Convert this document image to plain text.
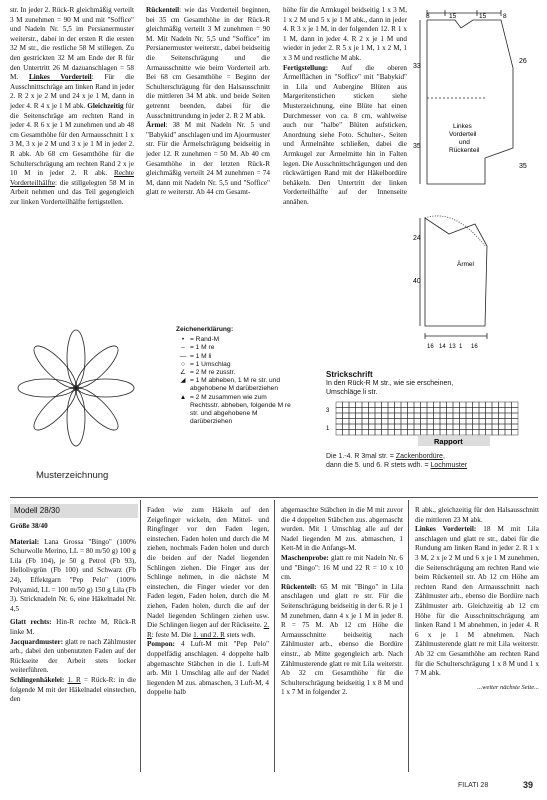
str. In jeder 2. Rück-R gleichmäßig verteilt 3 M zunehmen = 90 M und mit "Soffice" und Nadeln Nr. 5,5 im Persianermuster weiterstr., dabei in der ersten R die ersten 32 M str., die restliche 58 M stillegen. Zu den gestrickten 32 M am Ende der R für den Untertritt 26 M dazuanschlagen = 58 M. Linkes Vorderteil: Für die Ausschnittschräge am linken Rand in jeder 2. R 2 x je 2 M und 24 x je 1 M, dann in jeder 4. R 4 x je 1 M abk. Gleichzeitig für die Seitenschräge am rechten Rand in jeder 4. R 6 x je 1 M zunehmen und ab 48 cm Gesamthöhe für den Armausschnitt 1 x 3 M, 3 x je 2 M und 3 x je 1 M in jeder 2. R abk. Ab 68 cm Gesamthöhe für die Schulterschrägung am rechten Rand 2 x je 10 M in jeder 2. R abk. Rechte Vorderteilhälfte: die stillgelegten 58 M in Arbeit nehmen und das Teil gegengleich zur linken Vorderteilhälfte fertigstellen.

Rückenteil: wie das Vorderteil beginnen, bei 35 cm Gesamthöhe in der Rück-R gleichmäßig verteilt 3 M zunehmen = 90 M. Mit Nadeln Nr. 5,5 und "Soffice" im Persianermuster weiterstr., dabei beidseitig die Seitenschrägung und die Armausschnitte wie beim Vorderteil arb. Bei 68 cm Gesamthöhe = Beginn der Schulterschrägung für den Halsausschnitt die mittleren 34 M abk. und beide Seiten getrennt beenden, dabei für die Ausschnittrundung in jeder 2. R 2 M abk.

Ärmel: 38 M mit Nadeln Nr. 5 und "Babykid" anschlagen und im Ajourmuster str. Für die Ärmelschrägung beidseitig in jeder 12. R zunehmen = 50 M. Ab 40 cm Gesamthöhe in der letzten Rück-R gleichmäßig verteilt 24 M zunehmen = 74 M, dann mit Nadeln Nr. 5,5 und "Soffice" glatt re weiterstr. Ab 44 cm Gesamt-

höhe für die Armkugel beidseitig 1 x 3 M, 1 x 2 M und 5 x je 1 M abk., dann in jeder 4. R 3 x je 1 M, in der folgenden 12. R 1 x 1 M, dann in jeder 4. R 2 x je 1 M und wieder in jeder 2. R 5 x je 1 M, 1 x 2 M, 1 x 3 M und restliche M abk.

Fertigstellung: Auf die oberen Ärmelflächen in "Soffice" mit "Babykid" in Lila und Aubergine Blüten aus Margeritenstichen sticken siehe Musterzeichnung, eine Blüte hat einen Durchmesser von ca. 8 cm, wahlweise auch nur "halbe" Blüten aufsticken, Anordnung siehe Foto. Schulter-, Seiten und Ärmelnähte schließen, dabei die Armkugel zur Ärmelmitte hin in Falten legen. Die Ausschnittschrägungen und den rückwärtigen Rand mit der Häkelbordüre behäkeln. Den Untertritt der linken Vorderteilhälfte auf der Innenseite annähen.

8	15	15	8
33
35
35
26
Linkes
Vorderteil
und
Rückenteil
24
Ärmel
40
16 14 13 1 16
Musterzeichnung
Zeichenerklärung:
• = Rand-M
– = 1 M re
— = 1 M li
○ = 1 Umschlag
∠ = 2 M re zusstr.
◢ = 1 M abheben, 1 M re str. und abgehobene M darüberziehen
▲ = 2 M zusammen wie zum Rechtsstr. abheben, folgende M re str. und abgehobene M darüberziehen
Strickschrift
In den Rück-R M str., wie sie erscheinen,
Umschläge li str.
3
1
Rapport
Die 1.-4. R 3mal str. = Zackenbordüre,
dann die 5. und 6. R stets wdh. = Lochmuster
Modell 28/30

Größe 38/40

Material: Lana Grossa "Bingo" (100% Schurwolle Merino, LL = 80 m/50 g) 100 g Lila (Fb 104), je 50 g Petrol (Fb 93), Hellolivgrün (Fb 100) und Schwarz (Fb 24), Effektgarn "Pep Pelo" (100% Polyamid, LL = 100 m/50 g) 150 g Lila (Fb 3). Stricknadeln Nr. 6, eine Häkelnadel Nr. 4,5

Glatt rechts: Hin-R rechte M, Rück-R linke M.

Jacquardmuster: glatt re nach Zählmuster arb., dabei den unbenutzten Faden auf der Rückseite der Arbeit stets locker weiterführen.

Schlingenhäkelei: 1. R = Rück-R: in die folgende M mit der Häkelnadel einstechen, den

Faden wie zum Häkeln auf den Zeigefinger wickeln, den Mittel- und Ringfinger vor den Faden legen, einstechen. Faden holen und durch die M ziehen, nochmals Faden holen und durch die beiden auf der Nadel liegenden Schlingen ziehen. Die Finger aus der Schlinge nehmen, in die nächste M einstechen, die Finger wieder vor den Faden legen, Faden holen, durch die M ziehen, Faden holen, durch die auf der Nadel liegenden Schlingen ziehen usw. Die Schlingen liegen auf der Rückseite. 2. R: feste M. Die 1. und 2. R stets wdh.

Pompon: 4 Luft-M mit "Pep Pelo" doppelfädig anschlagen. 4 doppelte halb abgemaschte Stäbchen in die 1. Luft-M arb. Mit 1 Umschlag alle auf der Nadel liegenden M zus. abmaschen, 3 Luft-M, 4 doppelte halb

abgemaschte Stäbchen in die M mit zuvor die 4 doppelten Stäbchen zus. abgemascht wurden. Mit 1 Umschlag alle auf der Nadel liegenden M zus. abmaschen, 1 Kett-M in die Anfangs-M.

Maschenprobe: glatt re mit Nadeln Nr. 6 und "Bingo": 16 M und 22 R = 10 x 10 cm.

Rückenteil: 65 M mit "Bingo" in Lila anschlagen und glatt re str. Für die Seitenschrägung beidseitig in der 6. R je 1 M zunehmen, dann 4 x je 1 M in jeder 8. R = 75 M. Ab 12 cm Höhe die Armausschnitte beidseitig nach Zählmuster arb., ebenso die Bordüre einstr., ab Mitte gegengleich arb. Nach Zählmusterende glatt re mit Lila weiterstr. Ab 32 cm Gesamthöhe für die Schulterschrägung beidseitig 1 x 8 M und 1 x 7 M in folgender 2.

R abk., gleichzeitig für den Halsausschnitt die mittleren 23 M abk.

Linkes Vorderteil: 18 M mit Lila anschlagen und glatt re str., dabei für die Rundung am linken Rand in jeder 2. R 1 x 3 M, 2 x je 2 M und 6 x je 1 M zunehmen, die Seitenschrägung am rechten Rand wie beim Rückenteil str. Ab 12 cm Höhe am rechten Rand den Armausschnitt nach Zählmuster arb., ebenso die Bordüre nach Zählmuster arb. Gleichzeitig ab 12 cm Höhe für die Ausschnittschrägung am linken Rand 1 M abnehmen, in jeder 4. R 6 x je 1 M abnehmen. Nach Zählmusterende glatt re mit Lila weiterstr. Ab 32 cm Gesamthöhe am rechten Rand für die Schulterschrägung 1 x 8 M und 1 x 7 M abk.

...weiter nächste Seite...

FILATI 28	39
